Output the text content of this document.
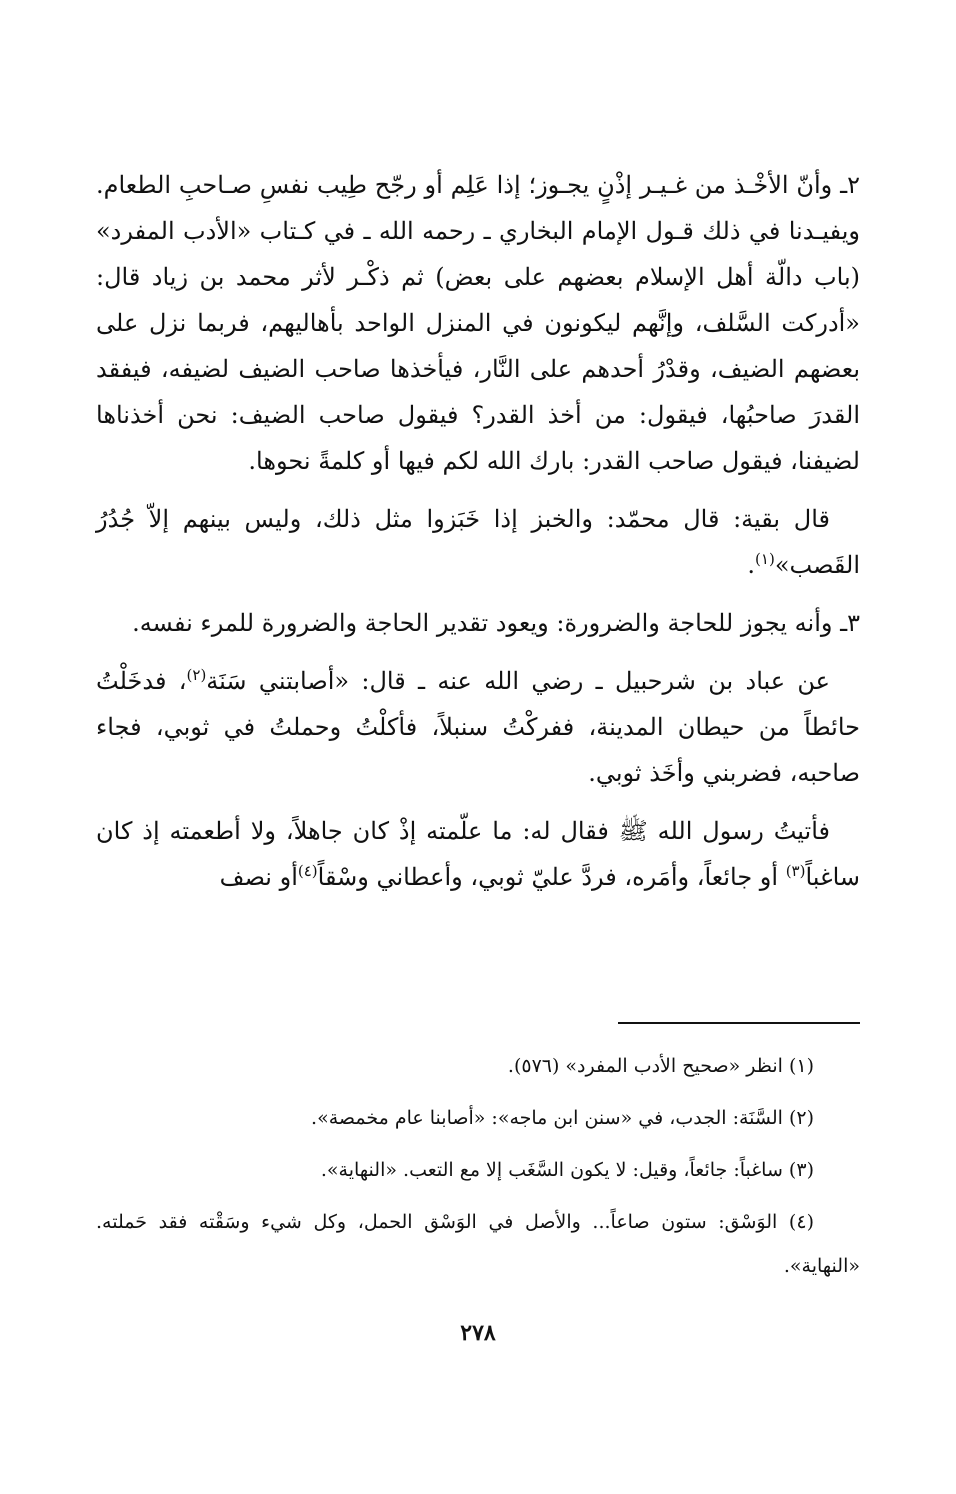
٢ـ وأنّ الأخْـذ من غـيـر إذْنٍ يجـوز؛ إذا عَلِم أو رجّح طِيب نفسِ صـاحبِ الطعام. ويفيـدنا في ذلك قـول الإمام البخاري ـ رحمه الله ـ في كـتاب «الأدب المفرد» (باب دالّة أهل الإسلام بعضهم على بعض) ثم ذكْـر لأثر محمد بن زياد قال: «أدركت السَّلف، وإنَّهم ليكونون في المنزل الواحد بأهاليهم، فربما نزل على بعضهم الضيف، وقدْرُ أحدهم على النَّار، فيأخذها صاحب الضيف لضيفه، فيفقد القدرَ صاحبُها، فيقول: من أخذ القدر؟ فيقول صاحب الضيف: نحن أخذناها لضيفنا، فيقول صاحب القدر: بارك الله لكم فيها أو كلمةً نحوها.

قال بقية: قال محمّد: والخبز إذا خَبَزوا مثل ذلك، وليس بينهم إلاّ جُدُرُ القَصب»$^{(١)}$.

٣ـ وأنه يجوز للحاجة والضرورة: ويعود تقدير الحاجة والضرورة للمرء نفسه.

عن عباد بن شرحبيل ـ رضي الله عنه ـ قال: «أصابتني سَنَة$^{(٢)}$، فدخَلْتُ حائطاً من حيطان المدينة، ففركْتُ سنبلاً، فأكلْتُ وحملتُ في ثوبي، فجاء صاحبه، فضربني وأخَذ ثوبي.

فأتيتُ رسول الله ﷺ فقال له: ما علّمته إذْ كان جاهلاً، ولا أطعمته إذ كان ساغباً$^{(٣)}$ أو جائعاً، وأمَره، فردَّ عليّ ثوبي، وأعطاني وسْقاً$^{(٤)}$أو نصف

(١) انظر «صحيح الأدب المفرد» (٥٧٦).

(٢) السَّنَة: الجدب، في «سنن ابن ماجه»: «أصابنا عام مخمصة».

(٣) ساغباً: جائعاً، وقيل: لا يكون السَّغَب إلا مع التعب. «النهاية».

(٤) الوَسْق: ستون صاعاً... والأصل في الوَسْق الحمل، وكل شيء وسَقْته فقد حَملته. «النهاية».

٢٧٨
